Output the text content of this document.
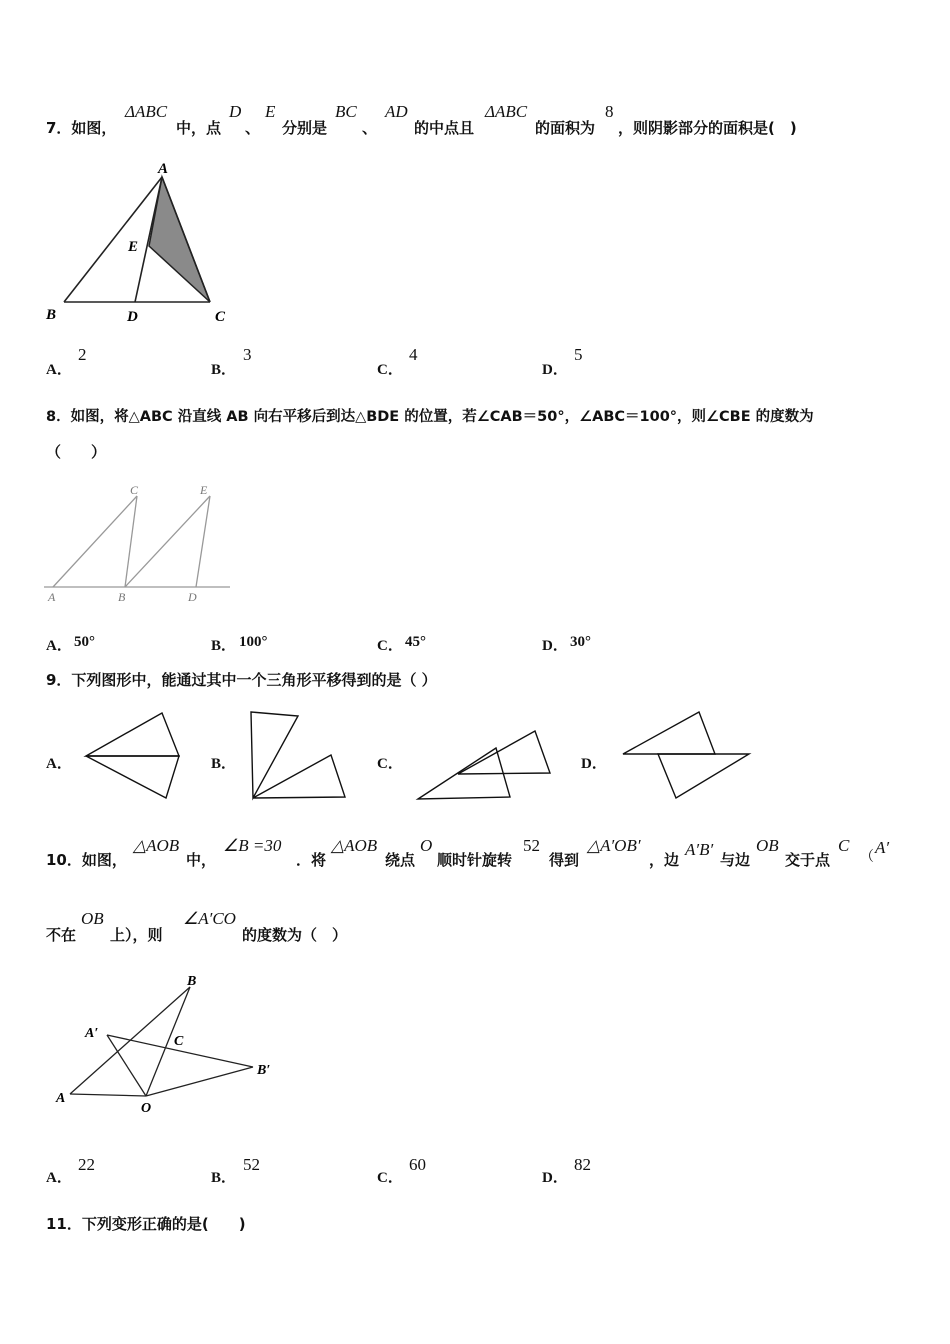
7．如图，
ΔABC
中，点
D
、
E
分别是
BC
、
AD
的中点且
ΔABC
的面积为
8
，则阴影部分的面积是(　)
A
E
B	D	C
A．
2
B．
3
C．
4
D．
5
8．如图，将△ABC 沿直线 AB 向右平移后到达△BDE 的位置，若∠CAB＝50°，∠ABC＝100°，则∠CBE 的度数为
（　　）
C	E
A	B	D
A． 50°	B． 100°	C． 45°	D． 30°
9．下列图形中，能通过其中一个三角形平移得到的是（ ）
A．	B．	C．	D．
10．如图，
△AOB
中，
∠B =30
．将
△AOB
绕点
O
顺时针旋转
52
得到
△A′OB′
，边
A′B′
与边
OB
交于点
C
（
A′
不在
OB
上），则
∠A′CO
的度数为（　）
B
A′
C
B′
A
O
A．
22
B．
52
C．
60
D．
82
11．下列变形正确的是(　　)
